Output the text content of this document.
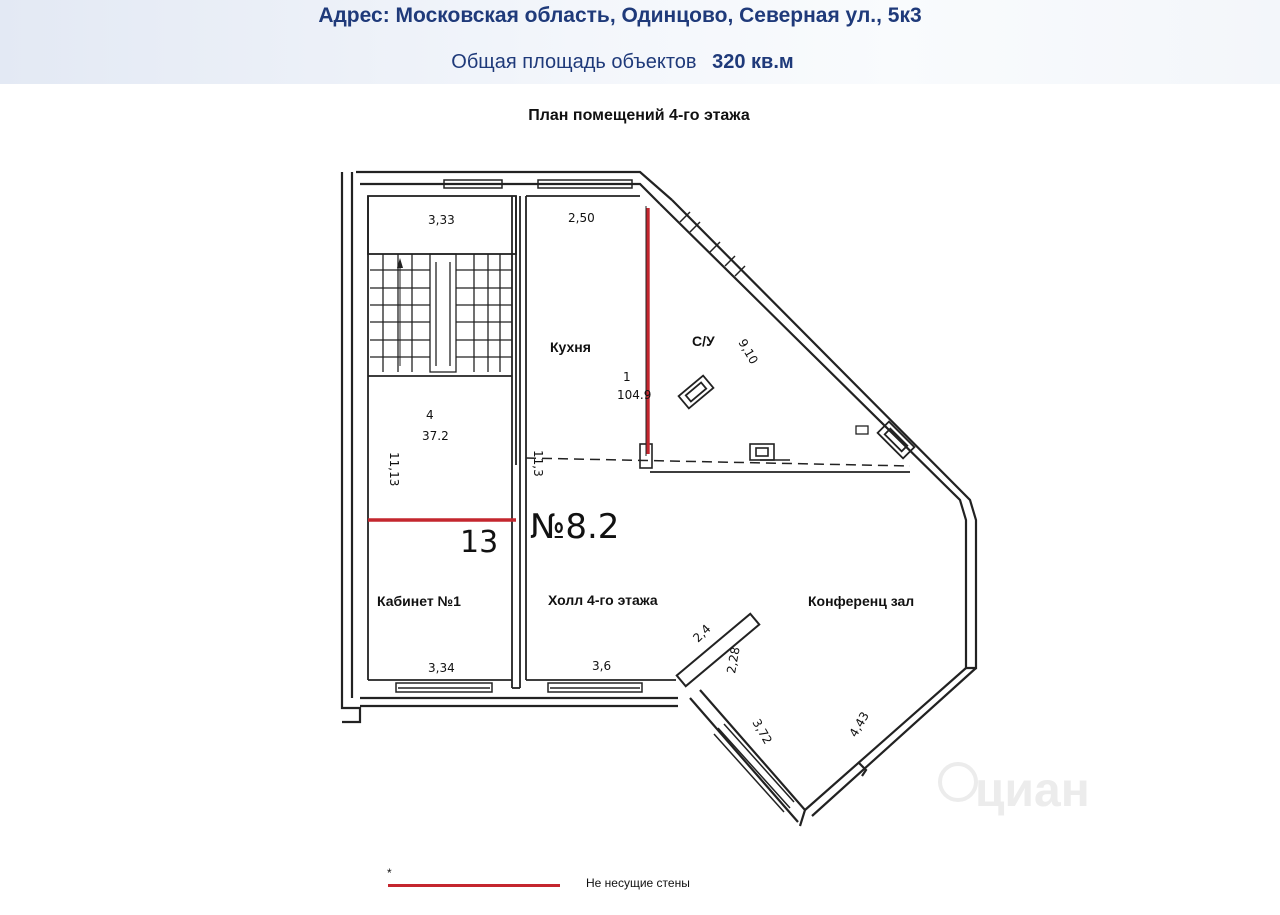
Адрес: Московская область, Одинцово, Северная ул., 5к3
Общая площадь объектов 320 кв.м
План помещений 4-го этажа
Кухня	С/У
Кабинет №1	Холл 4-го этажа	Конференц зал
№8.2
13
1
104.9
4
37.2
3,33	2,50
9,10
11,13	11,3
3,34	3,6
2,4
2,28
3,72	4,43
циан
*
Не несущие стены
